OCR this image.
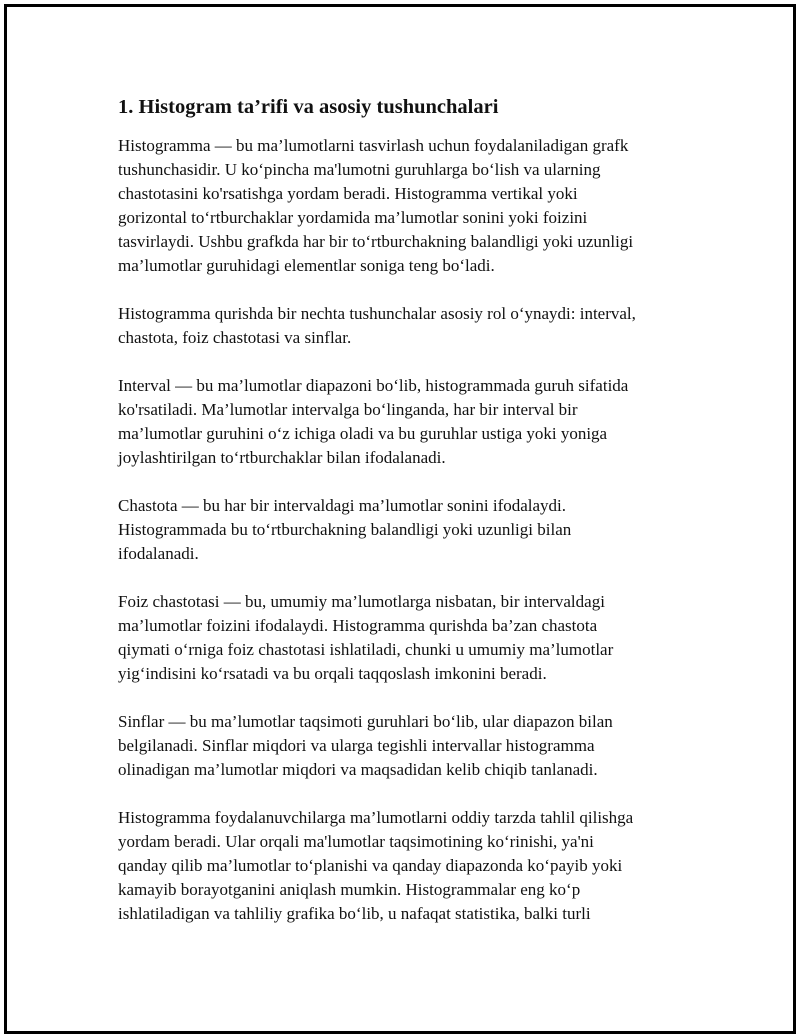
1. Histogram ta’rifi va asosiy tushunchalari

Histogramma — bu ma’lumotlarni tasvirlash uchun foydalaniladigan grafk
tushunchasidir. U ko‘pincha ma'lumotni guruhlarga bo‘lish va ularning
chastotasini ko'rsatishga yordam beradi. Histogramma vertikal yoki
gorizontal to‘rtburchaklar yordamida ma’lumotlar sonini yoki foizini
tasvirlaydi. Ushbu grafkda har bir to‘rtburchakning balandligi yoki uzunligi
ma’lumotlar guruhidagi elementlar soniga teng bo‘ladi.

Histogramma qurishda bir nechta tushunchalar asosiy rol o‘ynaydi: interval,
chastota, foiz chastotasi va sinflar.

Interval — bu ma’lumotlar diapazoni bo‘lib, histogrammada guruh sifatida
ko'rsatiladi. Ma’lumotlar intervalga bo‘linganda, har bir interval bir
ma’lumotlar guruhini o‘z ichiga oladi va bu guruhlar ustiga yoki yoniga
joylashtirilgan to‘rtburchaklar bilan ifodalanadi.

Chastota — bu har bir intervaldagi ma’lumotlar sonini ifodalaydi.
Histogrammada bu to‘rtburchakning balandligi yoki uzunligi bilan
ifodalanadi.

Foiz chastotasi — bu, umumiy ma’lumotlarga nisbatan, bir intervaldagi
ma’lumotlar foizini ifodalaydi. Histogramma qurishda ba’zan chastota
qiymati o‘rniga foiz chastotasi ishlatiladi, chunki u umumiy ma’lumotlar
yig‘indisini ko‘rsatadi va bu orqali taqqoslash imkonini beradi.

Sinflar — bu ma’lumotlar taqsimoti guruhlari bo‘lib, ular diapazon bilan
belgilanadi. Sinflar miqdori va ularga tegishli intervallar histogramma
olinadigan ma’lumotlar miqdori va maqsadidan kelib chiqib tanlanadi.

Histogramma foydalanuvchilarga ma’lumotlarni oddiy tarzda tahlil qilishga
yordam beradi. Ular orqali ma'lumotlar taqsimotining ko‘rinishi, ya'ni
qanday qilib ma’lumotlar to‘planishi va qanday diapazonda ko‘payib yoki
kamayib borayotganini aniqlash mumkin. Histogrammalar eng ko‘p
ishlatiladigan va tahliliy grafika bo‘lib, u nafaqat statistika, balki turli
